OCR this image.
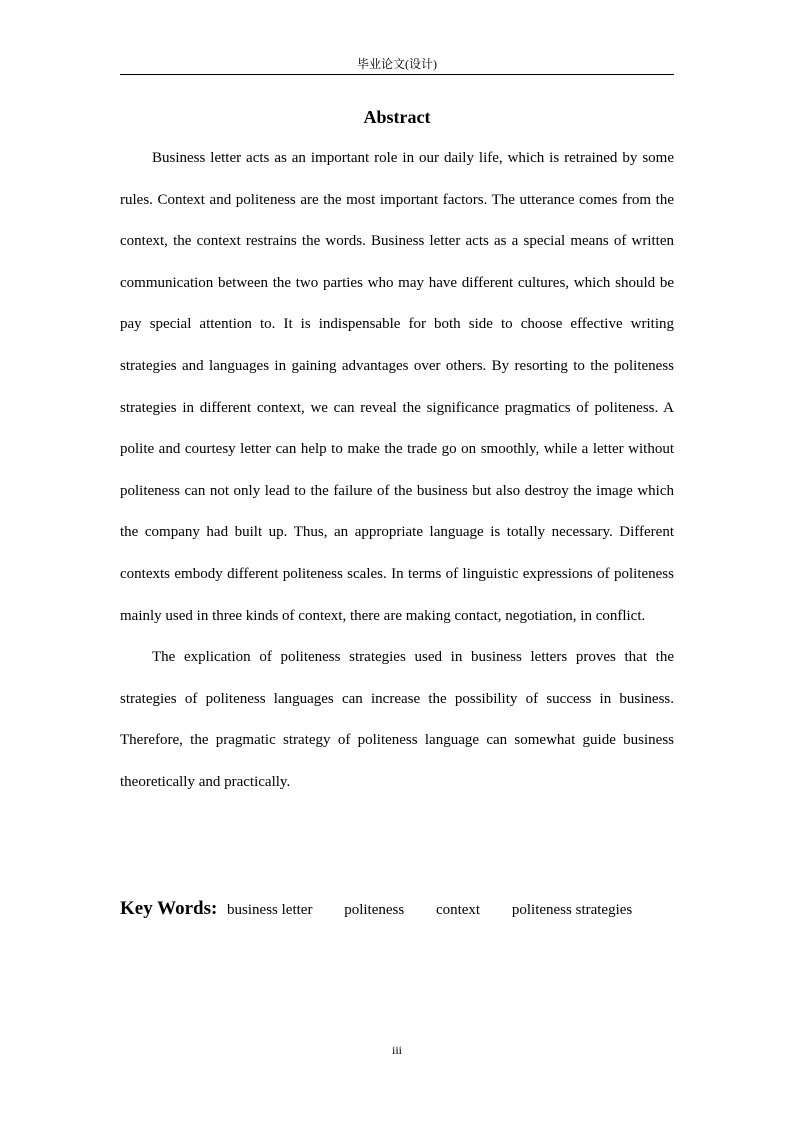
毕业论文(设计)
Abstract

Business letter acts as an important role in our daily life, which is retrained by some rules. Context and politeness are the most important factors. The utterance comes from the context, the context restrains the words. Business letter acts as a special means of written communication between the two parties who may have different cultures, which should be pay special attention to. It is indispensable for both side to choose effective writing strategies and languages in gaining advantages over others. By resorting to the politeness strategies in different context, we can reveal the significance pragmatics of politeness. A polite and courtesy letter can help to make the trade go on smoothly, while a letter without politeness can not only lead to the failure of the business but also destroy the image which the company had built up. Thus, an appropriate language is totally necessary. Different contexts embody different politeness scales. In terms of linguistic expressions of politeness mainly used in three kinds of context, there are making contact, negotiation, in conflict.

The explication of politeness strategies used in business letters proves that the strategies of politeness languages can increase the possibility of success in business. Therefore, the pragmatic strategy of politeness language can somewhat guide business theoretically and practically.

Key Words: business letter politeness context politeness strategies
iii
